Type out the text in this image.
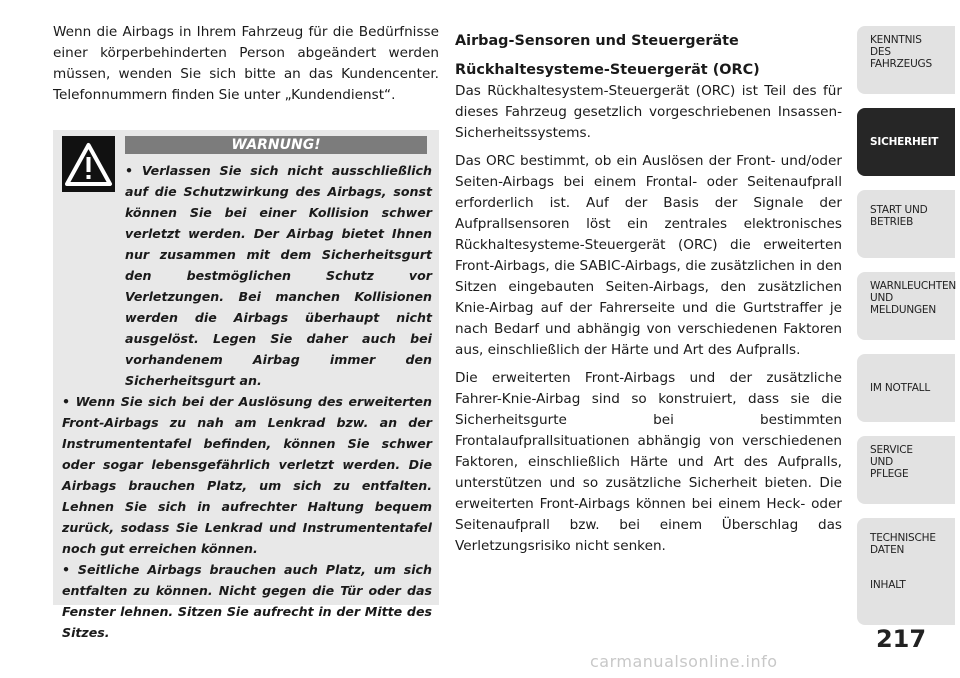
Wenn die Airbags in Ihrem Fahrzeug für die Bedürfnisse einer körperbehinderten Person abgeändert werden müssen, wenden Sie sich bitte an das Kundencenter. Telefonnummern finden Sie unter „Kundendienst“.

WARNUNG!

• Verlassen Sie sich nicht ausschließlich auf die Schutzwirkung des Airbags, sonst können Sie bei einer Kollision schwer verletzt werden. Der Airbag bietet Ihnen nur zusammen mit dem Sicherheitsgurt den bestmöglichen Schutz vor Verletzungen. Bei manchen Kollisionen werden die Airbags überhaupt nicht ausgelöst. Legen Sie daher auch bei vorhandenem Airbag immer den Sicherheitsgurt an.

• Wenn Sie sich bei der Auslösung des erweiterten Front-Airbags zu nah am Lenkrad bzw. an der Instrumententafel befinden, können Sie schwer oder sogar lebensgefährlich verletzt werden. Die Airbags brauchen Platz, um sich zu entfalten. Lehnen Sie sich in aufrechter Haltung bequem zurück, sodass Sie Lenkrad und Instrumententafel noch gut erreichen können.

• Seitliche Airbags brauchen auch Platz, um sich entfalten zu können. Nicht gegen die Tür oder das Fenster lehnen. Sitzen Sie aufrecht in der Mitte des Sitzes.

Airbag-Sensoren und Steuergeräte
Rückhaltesysteme-Steuergerät (ORC)

Das Rückhaltesystem-Steuergerät (ORC) ist Teil des für dieses Fahrzeug gesetzlich vorgeschriebenen Insassen-Sicherheitssystems.

Das ORC bestimmt, ob ein Auslösen der Front- und/oder Seiten-Airbags bei einem Frontal- oder Seitenaufprall erforderlich ist. Auf der Basis der Signale der Aufprallsensoren löst ein zentrales elektronisches Rückhaltesysteme-Steuergerät (ORC) die erweiterten Front-Airbags, die SABIC-Airbags, die zusätzlichen in den Sitzen eingebauten Seiten-Airbags, den zusätzlichen Knie-Airbag auf der Fahrerseite und die Gurtstraffer je nach Bedarf und abhängig von verschiedenen Faktoren aus, einschließlich der Härte und Art des Aufpralls.

Die erweiterten Front-Airbags und der zusätzliche Fahrer-Knie-Airbag sind so konstruiert, dass sie die Sicherheitsgurte bei bestimmten Frontalaufprallsituationen abhängig von verschiedenen Faktoren, einschließlich Härte und Art des Aufpralls, unterstützen und so zusätzliche Sicherheit bieten. Die erweiterten Front-Airbags können bei einem Heck- oder Seitenaufprall bzw. bei einem Überschlag das Verletzungsrisiko nicht senken.

KENNTNIS
DES
FAHRZEUGS
SICHERHEIT
START UND
BETRIEB
WARNLEUCHTEN
UND
MELDUNGEN
IM NOTFALL
SERVICE
UND
PFLEGE
TECHNISCHE
DATEN
INHALT
217
carmanualsonline.info
